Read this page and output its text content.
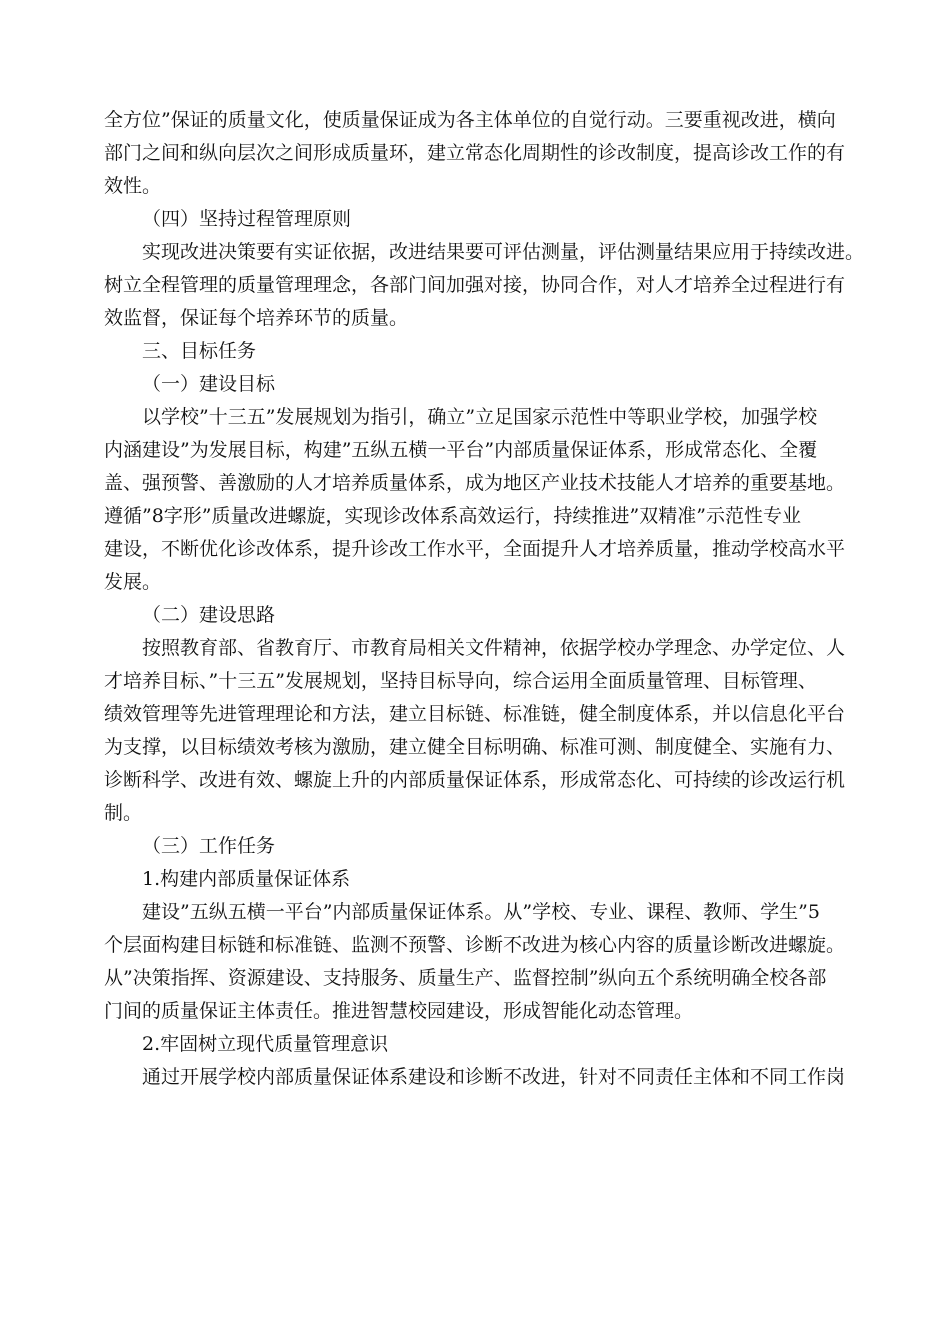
全方位”保证的质量文化，使质量保证成为各主体单位的自觉行动。三要重视改进，横向
部门之间和纵向层次之间形成质量环，建立常态化周期性的诊改制度，提高诊改工作的有
效性。
（四）坚持过程管理原则
实现改进决策要有实证依据，改进结果要可评估测量，评估测量结果应用于持续改进。
树立全程管理的质量管理理念，各部门间加强对接，协同合作，对人才培养全过程进行有
效监督，保证每个培养环节的质量。
三、目标任务
（一）建设目标
以学校”十三五”发展规划为指引，确立”立足国家示范性中等职业学校，加强学校
内涵建设”为发展目标，构建”五纵五横一平台”内部质量保证体系，形成常态化、全覆
盖、强预警、善激励的人才培养质量体系，成为地区产业技术技能人才培养的重要基地。
遵循”8字形”质量改进螺旋，实现诊改体系高效运行，持续推进”双精准”示范性专业
建设，不断优化诊改体系，提升诊改工作水平，全面提升人才培养质量，推动学校高水平
发展。
（二）建设思路
按照教育部、省教育厅、市教育局相关文件精神，依据学校办学理念、办学定位、人
才培养目标、”十三五”发展规划，坚持目标导向，综合运用全面质量管理、目标管理、
绩效管理等先进管理理论和方法，建立目标链、标准链，健全制度体系，并以信息化平台
为支撑，以目标绩效考核为激励，建立健全目标明确、标准可测、制度健全、实施有力、
诊断科学、改进有效、螺旋上升的内部质量保证体系，形成常态化、可持续的诊改运行机
制。
（三）工作任务
1.构建内部质量保证体系
建设”五纵五横一平台”内部质量保证体系。从”学校、专业、课程、教师、学生”5
个层面构建目标链和标准链、监测不预警、诊断不改进为核心内容的质量诊断改进螺旋。
从”决策指挥、资源建设、支持服务、质量生产、监督控制”纵向五个系统明确全校各部
门间的质量保证主体责任。推进智慧校园建设，形成智能化动态管理。
2.牢固树立现代质量管理意识
通过开展学校内部质量保证体系建设和诊断不改进，针对不同责任主体和不同工作岗
